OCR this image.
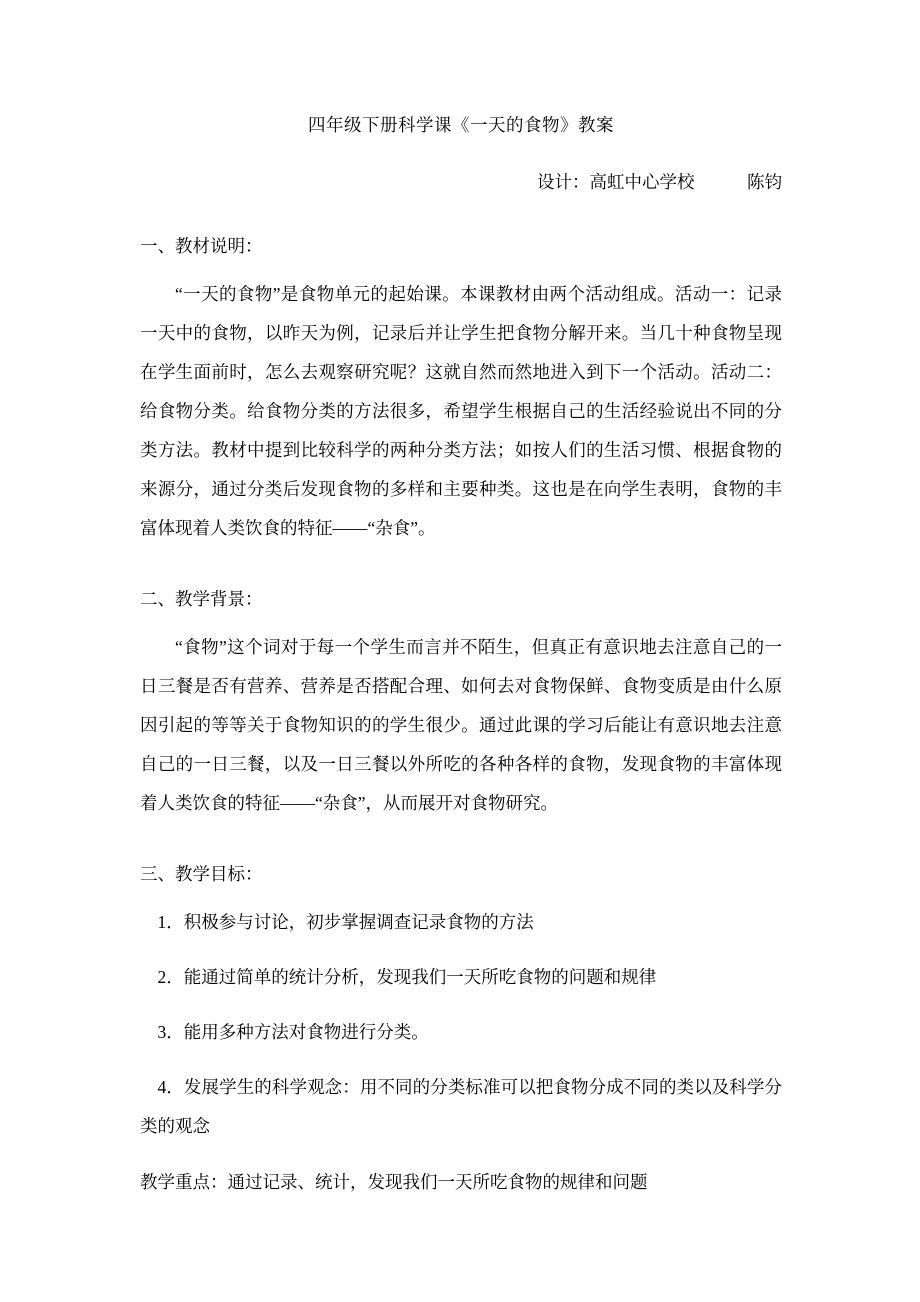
四年级下册科学课《一天的食物》教案

设计：高虹中心学校　　　陈钧

一、教材说明：

“一天的食物”是食物单元的起始课。本课教材由两个活动组成。活动一：记录一天中的食物，以昨天为例，记录后并让学生把食物分解开来。当几十种食物呈现在学生面前时，怎么去观察研究呢？这就自然而然地进入到下一个活动。活动二：给食物分类。给食物分类的方法很多，希望学生根据自己的生活经验说出不同的分类方法。教材中提到比较科学的两种分类方法；如按人们的生活习惯、根据食物的来源分，通过分类后发现食物的多样和主要种类。这也是在向学生表明，食物的丰富体现着人类饮食的特征——“杂食”。

二、教学背景：

“食物”这个词对于每一个学生而言并不陌生，但真正有意识地去注意自己的一日三餐是否有营养、营养是否搭配合理、如何去对食物保鲜、食物变质是由什么原因引起的等等关于食物知识的的学生很少。通过此课的学习后能让有意识地去注意自己的一日三餐，以及一日三餐以外所吃的各种各样的食物，发现食物的丰富体现着人类饮食的特征——“杂食”，从而展开对食物研究。

三、教学目标：

1．积极参与讨论，初步掌握调查记录食物的方法

2．能通过简单的统计分析，发现我们一天所吃食物的问题和规律

3．能用多种方法对食物进行分类。

4．发展学生的科学观念：用不同的分类标准可以把食物分成不同的类以及科学分类的观念

教学重点：通过记录、统计，发现我们一天所吃食物的规律和问题
